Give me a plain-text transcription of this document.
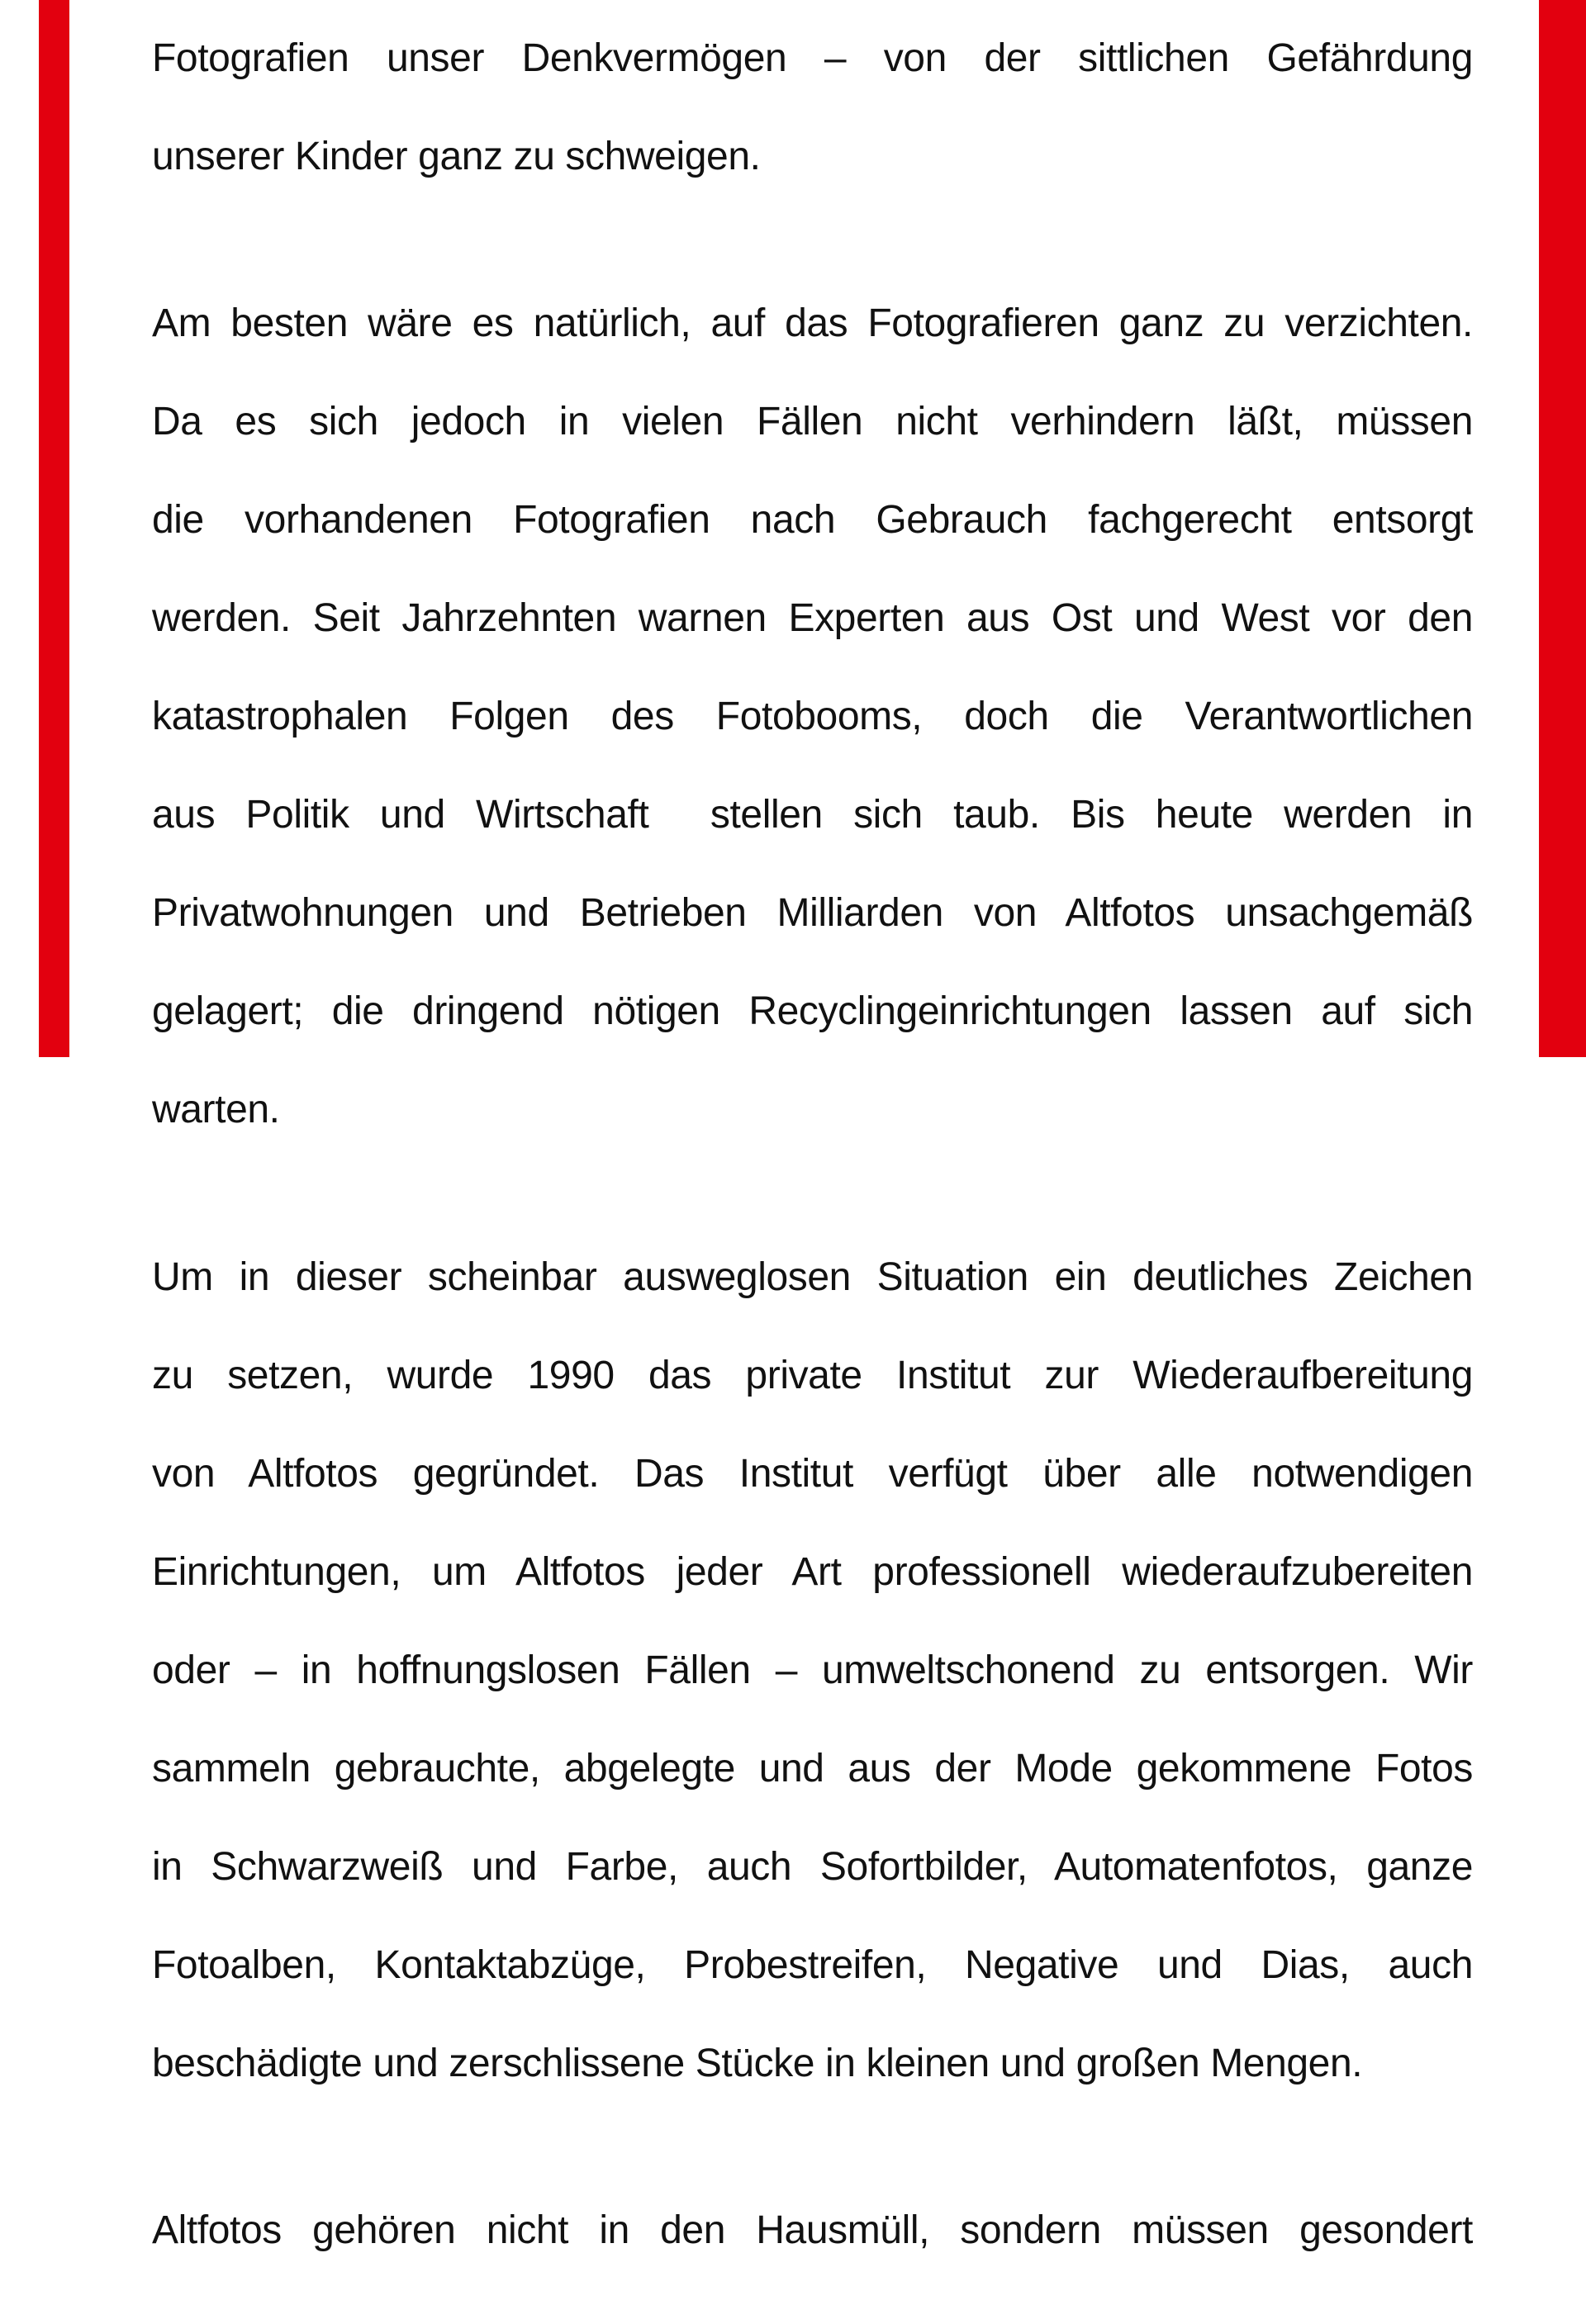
Fotografien unser Denkvermögen – von der sittlichen Gefährdung

unserer Kinder ganz zu schweigen.

Am besten wäre es natürlich, auf das Fotografieren ganz zu verzichten.

Da es sich jedoch in vielen Fällen nicht verhindern läßt, müssen

die vorhandenen Fotografien nach Gebrauch fachgerecht entsorgt

werden. Seit Jahrzehnten warnen Experten aus Ost und West vor den

katastrophalen Folgen des Fotobooms, doch die Verantwortlichen

aus Politik und Wirtschaft  stellen sich taub. Bis heute werden in

Privatwohnungen und Betrieben Milliarden von Altfotos unsachgemäß

gelagert; die dringend nötigen Recyclingeinrichtungen lassen auf sich

warten.

Um in dieser scheinbar ausweglosen Situation ein deutliches Zeichen

zu setzen, wurde 1990 das private Institut zur Wiederaufbereitung

von Altfotos gegründet. Das Institut verfügt über alle notwendigen

Einrichtungen, um Altfotos jeder Art professionell wiederaufzubereiten

oder – in hoffnungslosen Fällen – umweltschonend zu entsorgen. Wir

sammeln gebrauchte, abgelegte und aus der Mode gekommene Fotos

in Schwarzweiß und Farbe, auch Sofortbilder, Automatenfotos, ganze

Fotoalben, Kontaktabzüge, Probestreifen, Negative und Dias, auch

beschädigte und zerschlissene Stücke in kleinen und großen Mengen.

Altfotos gehören nicht in den Hausmüll, sondern müssen gesondert
